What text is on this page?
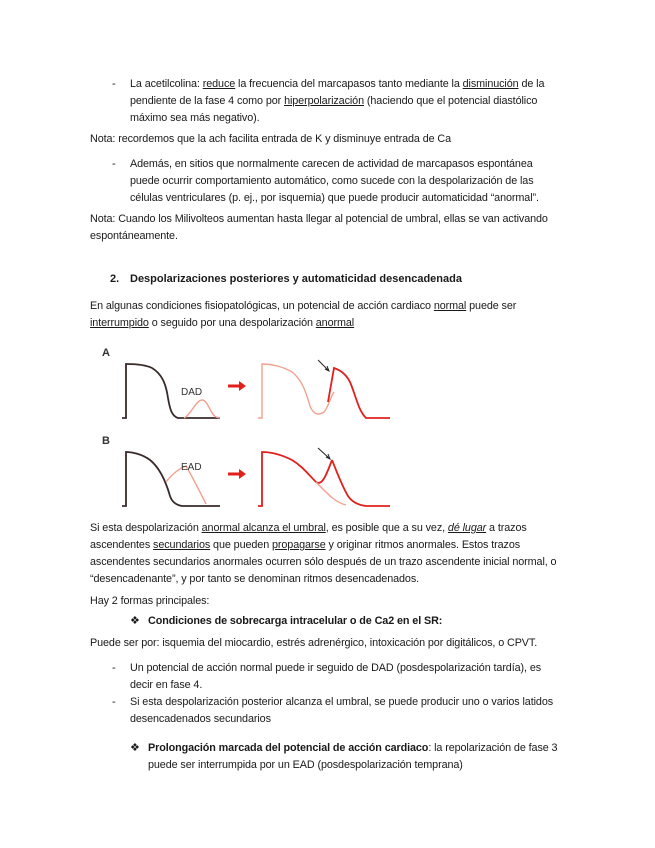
- La acetilcolina: reduce la frecuencia del marcapasos tanto mediante la disminución de la
pendiente de la fase 4 como por hiperpolarización (haciendo que el potencial diastólico
máximo sea más negativo).
Nota: recordemos que la ach facilita entrada de K y disminuye entrada de Ca
- Además, en sitios que normalmente carecen de actividad de marcapasos espontánea
puede ocurrir comportamiento automático, como sucede con la despolarización de las
células ventriculares (p. ej., por isquemia) que puede producir automaticidad “anormal”.
Nota: Cuando los Milivolteos aumentan hasta llegar al potencial de umbral, ellas se van activando
espontáneamente.
2. Despolarizaciones posteriores y automaticidad desencadenada
En algunas condiciones fisiopatológicas, un potencial de acción cardiaco normal puede ser
interrumpido o seguido por una despolarización anormal
A
DAD
B
EAD
Si esta despolarización anormal alcanza el umbral, es posible que a su vez, dé lugar a trazos
ascendentes secundarios que pueden propagarse y originar ritmos anormales. Estos trazos
ascendentes secundarios anormales ocurren sólo después de un trazo ascendente inicial normal, o
“desencadenante”, y por tanto se denominan ritmos desencadenados.
Hay 2 formas principales:
❖ Condiciones de sobrecarga intracelular o de Ca2 en el SR:
Puede ser por: isquemia del miocardio, estrés adrenérgico, intoxicación por digitálicos, o CPVT.
- Un potencial de acción normal puede ir seguido de DAD (posdespolarización tardía), es
decir en fase 4.
- Si esta despolarización posterior alcanza el umbral, se puede producir uno o varios latidos
desencadenados secundarios
❖ Prolongación marcada del potencial de acción cardiaco: la repolarización de fase 3
puede ser interrumpida por un EAD (posdespolarización temprana)
